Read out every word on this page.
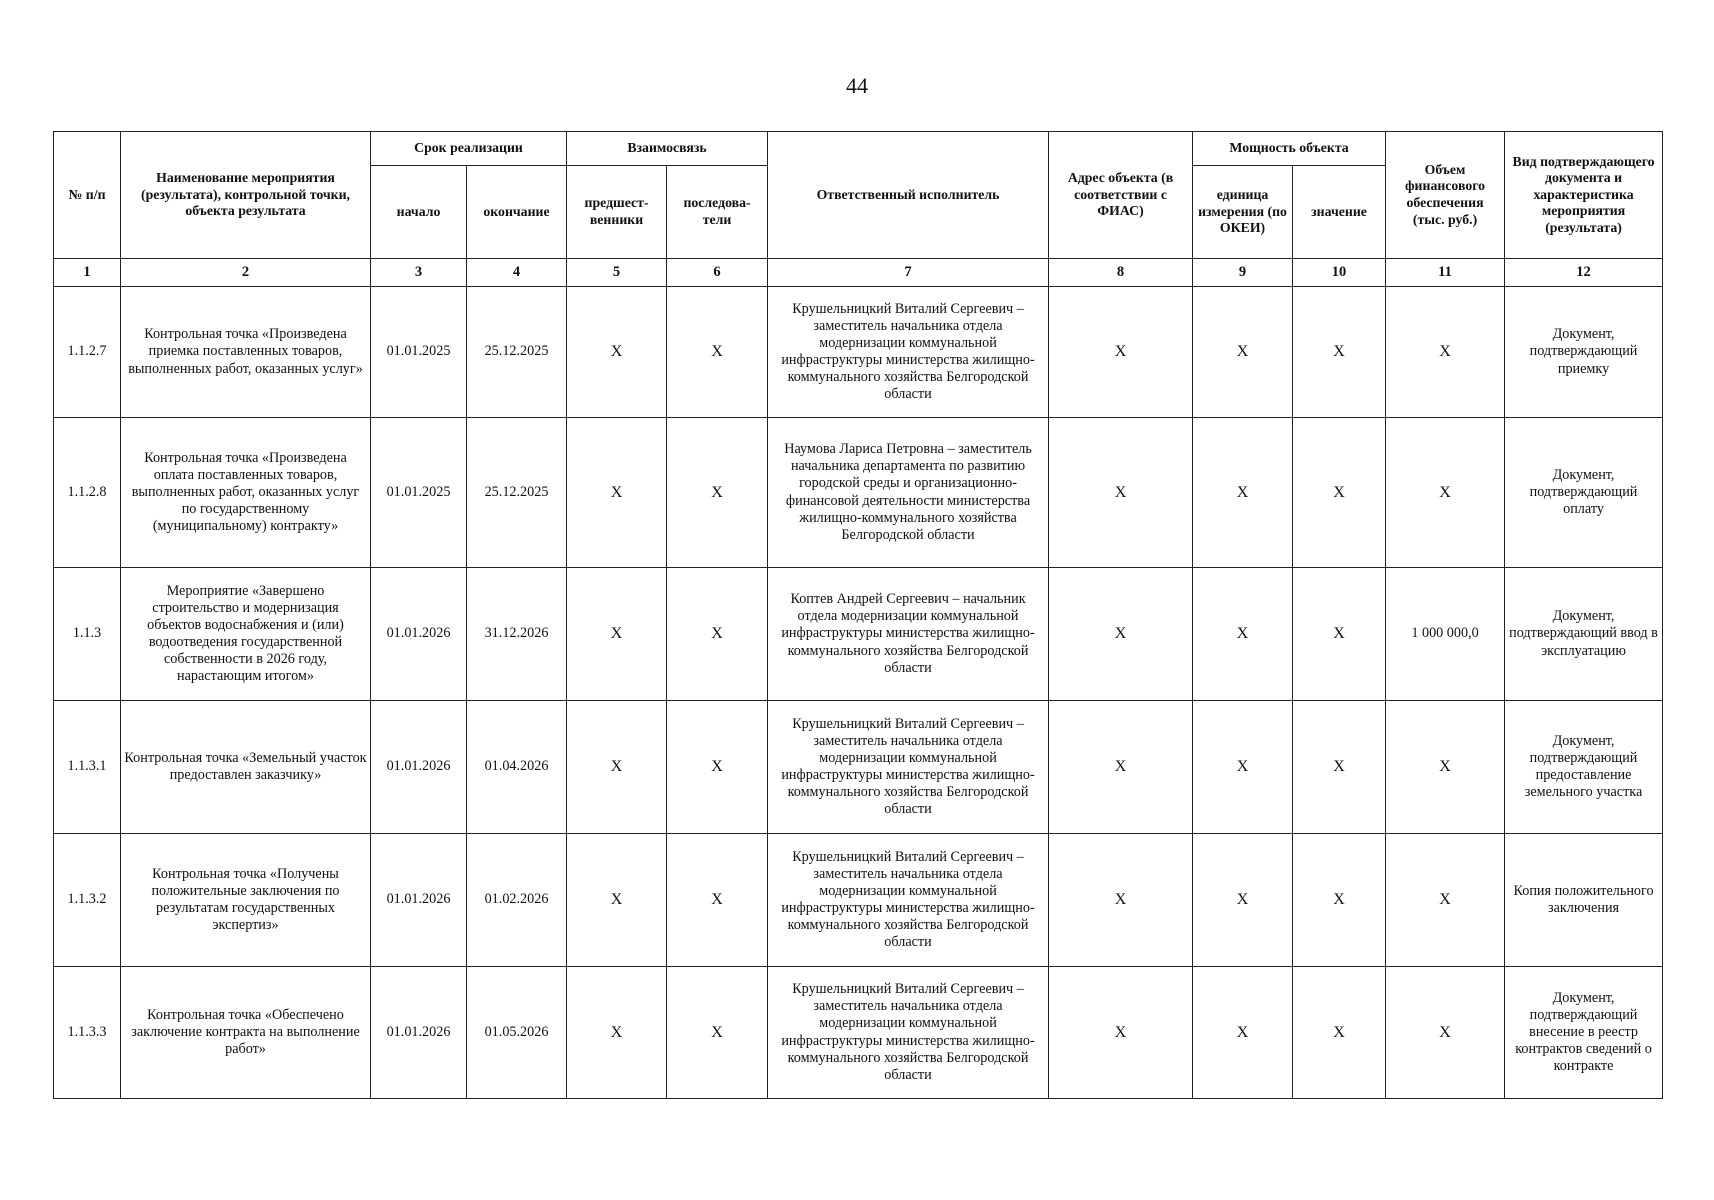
44
№ п/п	Наименование мероприятия (результата), контрольной точки, объекта результата	Срок реализации		Взаимосвязь		Ответственный исполнитель	Адрес объекта (в соответствии с ФИАС)	Мощность объекта		Объем финансового обеспечения (тыс. руб.)	Вид подтверждающего документа и характеристика мероприятия (результата)
		начало	окончание	предшест-венники	последова-тели			единица измерения (по ОКЕИ)	значение		
1	2	3	4	5	6	7	8	9	10	11	12
1.1.2.7	Контрольная точка «Произведена приемка поставленных товаров, выполненных работ, оказанных услуг»	01.01.2025	25.12.2025	X	X	Крушельницкий Виталий Сергеевич – заместитель начальника отдела модернизации коммунальной инфраструктуры министерства жилищно-коммунального хозяйства Белгородской области	X	X	X	X	Документ, подтверждающий приемку
1.1.2.8	Контрольная точка «Произведена оплата поставленных товаров, выполненных работ, оказанных услуг по государственному (муниципальному) контракту»	01.01.2025	25.12.2025	X	X	Наумова Лариса Петровна – заместитель начальника департамента по развитию городской среды и организационно-финансовой деятельности министерства жилищно-коммунального хозяйства Белгородской области	X	X	X	X	Документ, подтверждающий оплату
1.1.3	Мероприятие «Завершено строительство и модернизация объектов водоснабжения и (или) водоотведения государственной собственности в 2026 году, нарастающим итогом»	01.01.2026	31.12.2026	X	X	Коптев Андрей Сергеевич – начальник отдела модернизации коммунальной инфраструктуры министерства жилищно-коммунального хозяйства Белгородской области	X	X	X	1 000 000,0	Документ, подтверждающий ввод в эксплуатацию
1.1.3.1	Контрольная точка «Земельный участок предоставлен заказчику»	01.01.2026	01.04.2026	X	X	Крушельницкий Виталий Сергеевич – заместитель начальника отдела модернизации коммунальной инфраструктуры министерства жилищно-коммунального хозяйства Белгородской области	X	X	X	X	Документ, подтверждающий предоставление земельного участка
1.1.3.2	Контрольная точка «Получены положительные заключения по результатам государственных экспертиз»	01.01.2026	01.02.2026	X	X	Крушельницкий Виталий Сергеевич – заместитель начальника отдела модернизации коммунальной инфраструктуры министерства жилищно-коммунального хозяйства Белгородской области	X	X	X	X	Копия положительного заключения
1.1.3.3	Контрольная точка «Обеспечено заключение контракта на выполнение работ»	01.01.2026	01.05.2026	X	X	Крушельницкий Виталий Сергеевич – заместитель начальника отдела модернизации коммунальной инфраструктуры министерства жилищно-коммунального хозяйства Белгородской области	X	X	X	X	Документ, подтверждающий внесение в реестр контрактов сведений о контракте
